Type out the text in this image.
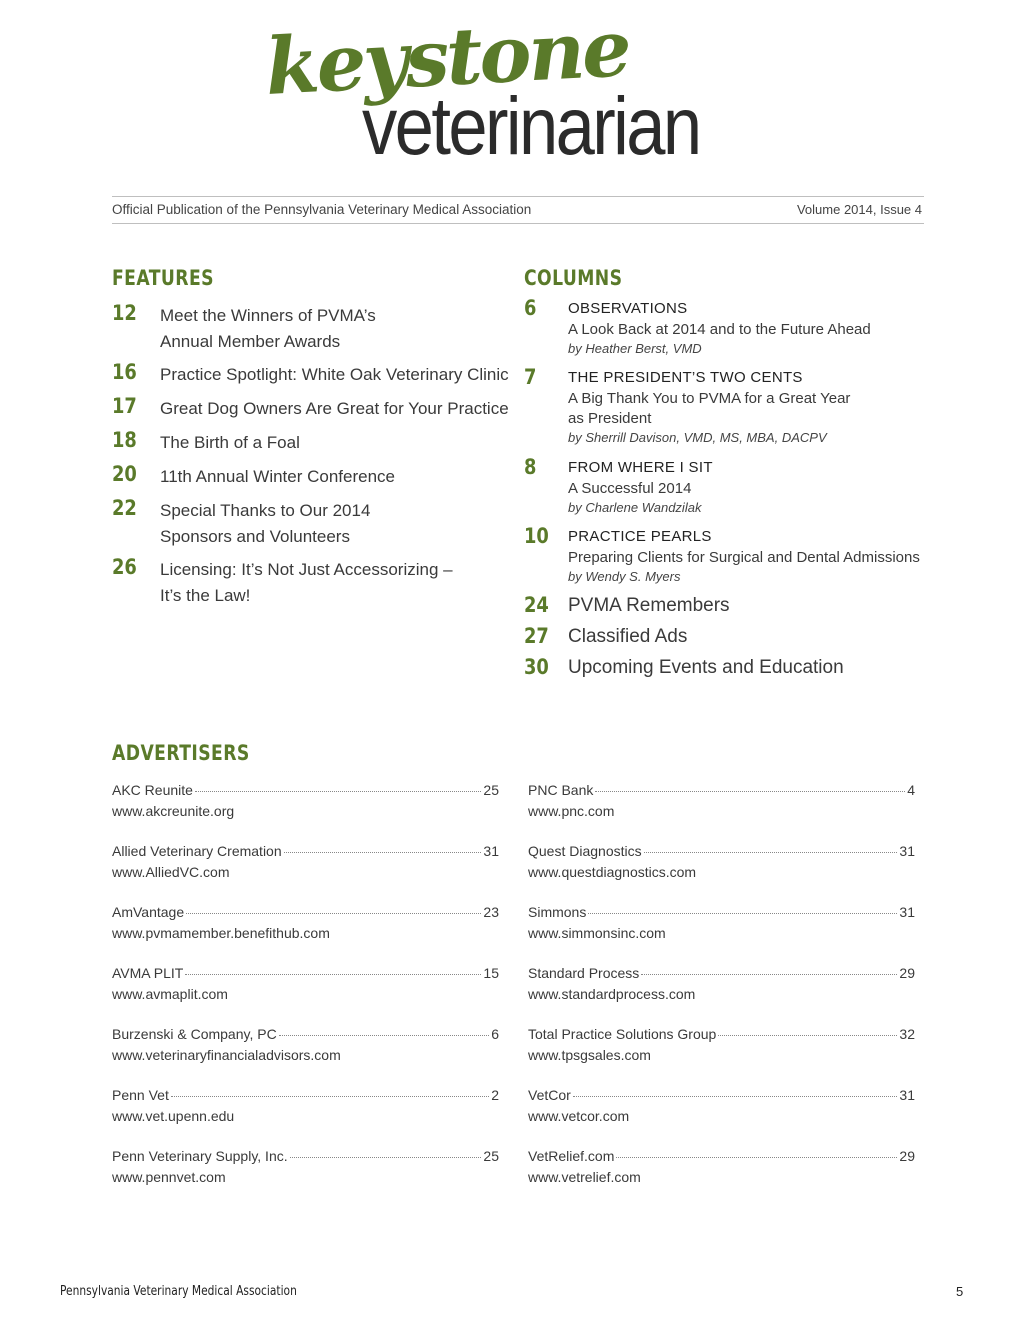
keystone
veterinarian
Official Publication of the Pennsylvania Veterinary Medical Association	Volume 2014, Issue 4
FEATURES
12 Meet the Winners of PVMA’s
Annual Member Awards
16 Practice Spotlight: White Oak Veterinary Clinic
17 Great Dog Owners Are Great for Your Practice
18 The Birth of a Foal
20 11th Annual Winter Conference
22 Special Thanks to Our 2014
Sponsors and Volunteers
26 Licensing: It’s Not Just Accessorizing –
It’s the Law!
COLUMNS
6 OBSERVATIONS
A Look Back at 2014 and to the Future Ahead
by Heather Berst, VMD
7 THE PRESIDENT’S TWO CENTS
A Big Thank You to PVMA for a Great Year
as President
by Sherrill Davison, VMD, MS, MBA, DACPV
8 FROM WHERE I SIT
A Successful 2014
by Charlene Wandzilak
10 PRACTICE PEARLS
Preparing Clients for Surgical and Dental Admissions
by Wendy S. Myers
24 PVMA Remembers
27 Classified Ads
30 Upcoming Events and Education
ADVERTISERS
AKC Reunite	25
www.akcreunite.org
Allied Veterinary Cremation	31
www.AlliedVC.com
AmVantage	23
www.pvmamember.benefithub.com
AVMA PLIT	15
www.avmaplit.com
Burzenski & Company, PC	6
www.veterinaryfinancialadvisors.com
Penn Vet	2
www.vet.upenn.edu
Penn Veterinary Supply, Inc.	25
www.pennvet.com
PNC Bank	4
www.pnc.com
Quest Diagnostics	31
www.questdiagnostics.com
Simmons	31
www.simmonsinc.com
Standard Process	29
www.standardprocess.com
Total Practice Solutions Group	32
www.tpsgsales.com
VetCor	31
www.vetcor.com
VetRelief.com	29
www.vetrelief.com
Pennsylvania Veterinary Medical Association	5
